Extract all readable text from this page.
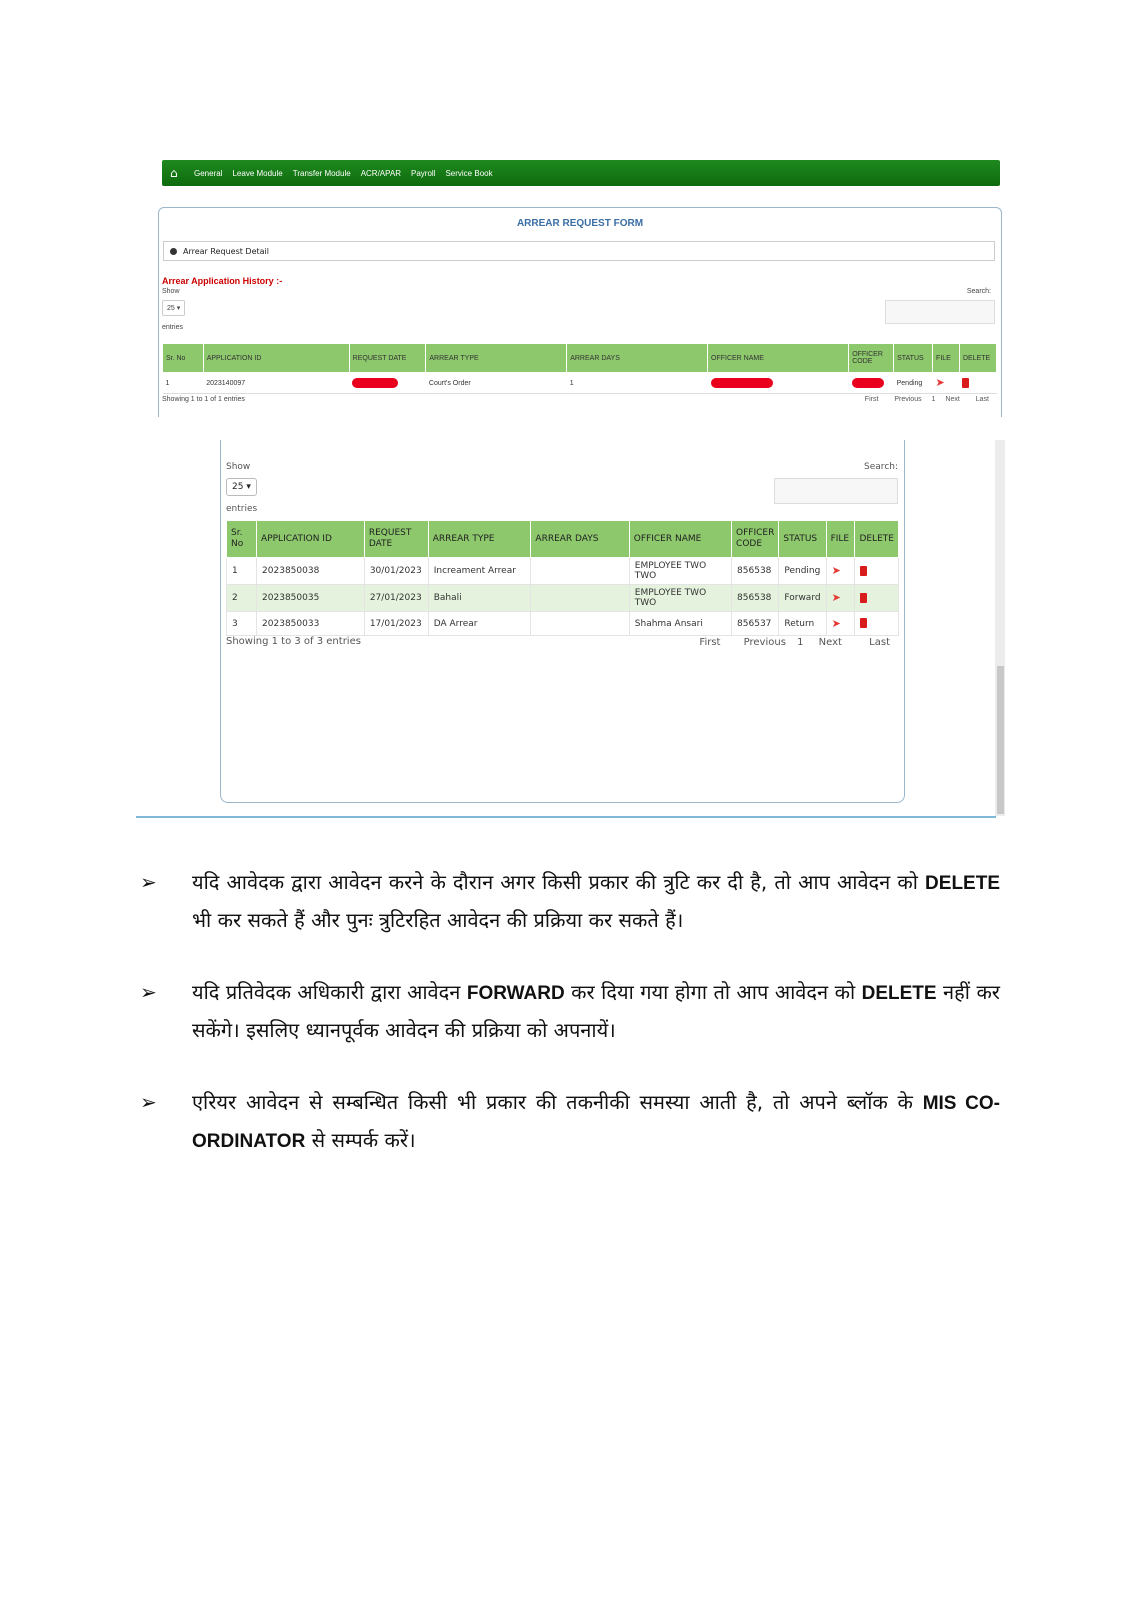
⌂	General Leave Module Transfer Module ACR/APAR Payroll Service Book
ARREAR REQUEST FORM
Arrear Request Detail
Arrear Application History :-
Show
25 ▾
entries
Search:
Sr. No	APPLICATION ID	REQUEST DATE	ARREAR TYPE	ARREAR DAYS	OFFICER NAME	OFFICER CODE	STATUS	FILE	DELETE
1	2023140097		Court's Order	1			Pending	➤	
Showing 1 to 1 of 1 entries	First Previous 1 Next Last
Show
25 ▾
entries
Search:
Sr. No	APPLICATION ID	REQUEST DATE	ARREAR TYPE	ARREAR DAYS	OFFICER NAME	OFFICER CODE	STATUS	FILE	DELETE
1	2023850038	30/01/2023	Increament Arrear		EMPLOYEE TWO TWO	856538	Pending	➤	
2	2023850035	27/01/2023	Bahali		EMPLOYEE TWO TWO	856538	Forward	➤	
3	2023850033	17/01/2023	DA Arrear		Shahma Ansari	856537	Return	➤	
Showing 1 to 3 of 3 entries	First Previous 1 Next	Last
➢ यदि आवेदक द्वारा आवेदन करने के दौरान अगर किसी प्रकार की त्रुटि कर दी है, तो आप आवेदन को DELETE भी कर सकते हैं और पुनः त्रुटिरहित आवेदन की प्रक्रिया कर सकते हैं।
➢ यदि प्रतिवेदक अधिकारी द्वारा आवेदन FORWARD कर दिया गया होगा तो आप आवेदन को DELETE नहीं कर सकेंगे। इसलिए ध्यानपूर्वक आवेदन की प्रक्रिया को अपनायें।
➢ एरियर आवेदन से सम्बन्धित किसी भी प्रकार की तकनीकी समस्या आती है, तो अपने ब्लॉक के MIS CO-ORDINATOR से सम्पर्क करें।
